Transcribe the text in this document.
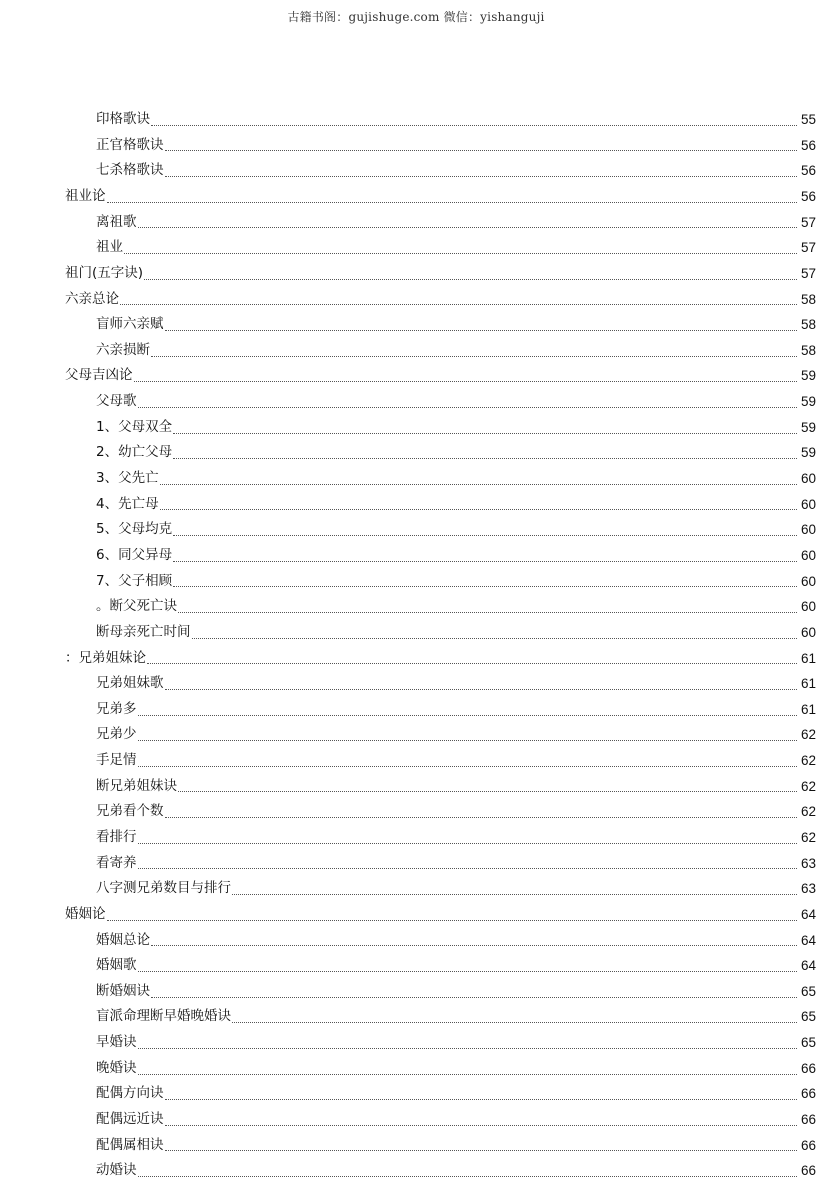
古籍书阁：gujishuge.com 微信：yishanguji
印格歌诀	55
正官格歌诀	56
七杀格歌诀	56
祖业论	56
离祖歌	57
祖业	57
祖门(五字诀)	57
六亲总论	58
盲师六亲赋	58
六亲损断	58
父母吉凶论	59
父母歌	59
1、父母双全	59
2、幼亡父母	59
3、父先亡	60
4、先亡母	60
5、父母均克	60
6、同父异母	60
7、父子相顾	60
。断父死亡诀	60
断母亲死亡时间	60
：兄弟姐妹论	61
兄弟姐妹歌	61
兄弟多	61
兄弟少	62
手足情	62
断兄弟姐妹诀	62
兄弟看个数	62
看排行	62
看寄养	63
八字测兄弟数目与排行	63
婚姻论	64
婚姻总论	64
婚姻歌	64
断婚姻诀	65
盲派命理断早婚晚婚诀	65
早婚诀	65
晚婚诀	66
配偶方向诀	66
配偶远近诀	66
配偶属相诀	66
动婚诀	66
